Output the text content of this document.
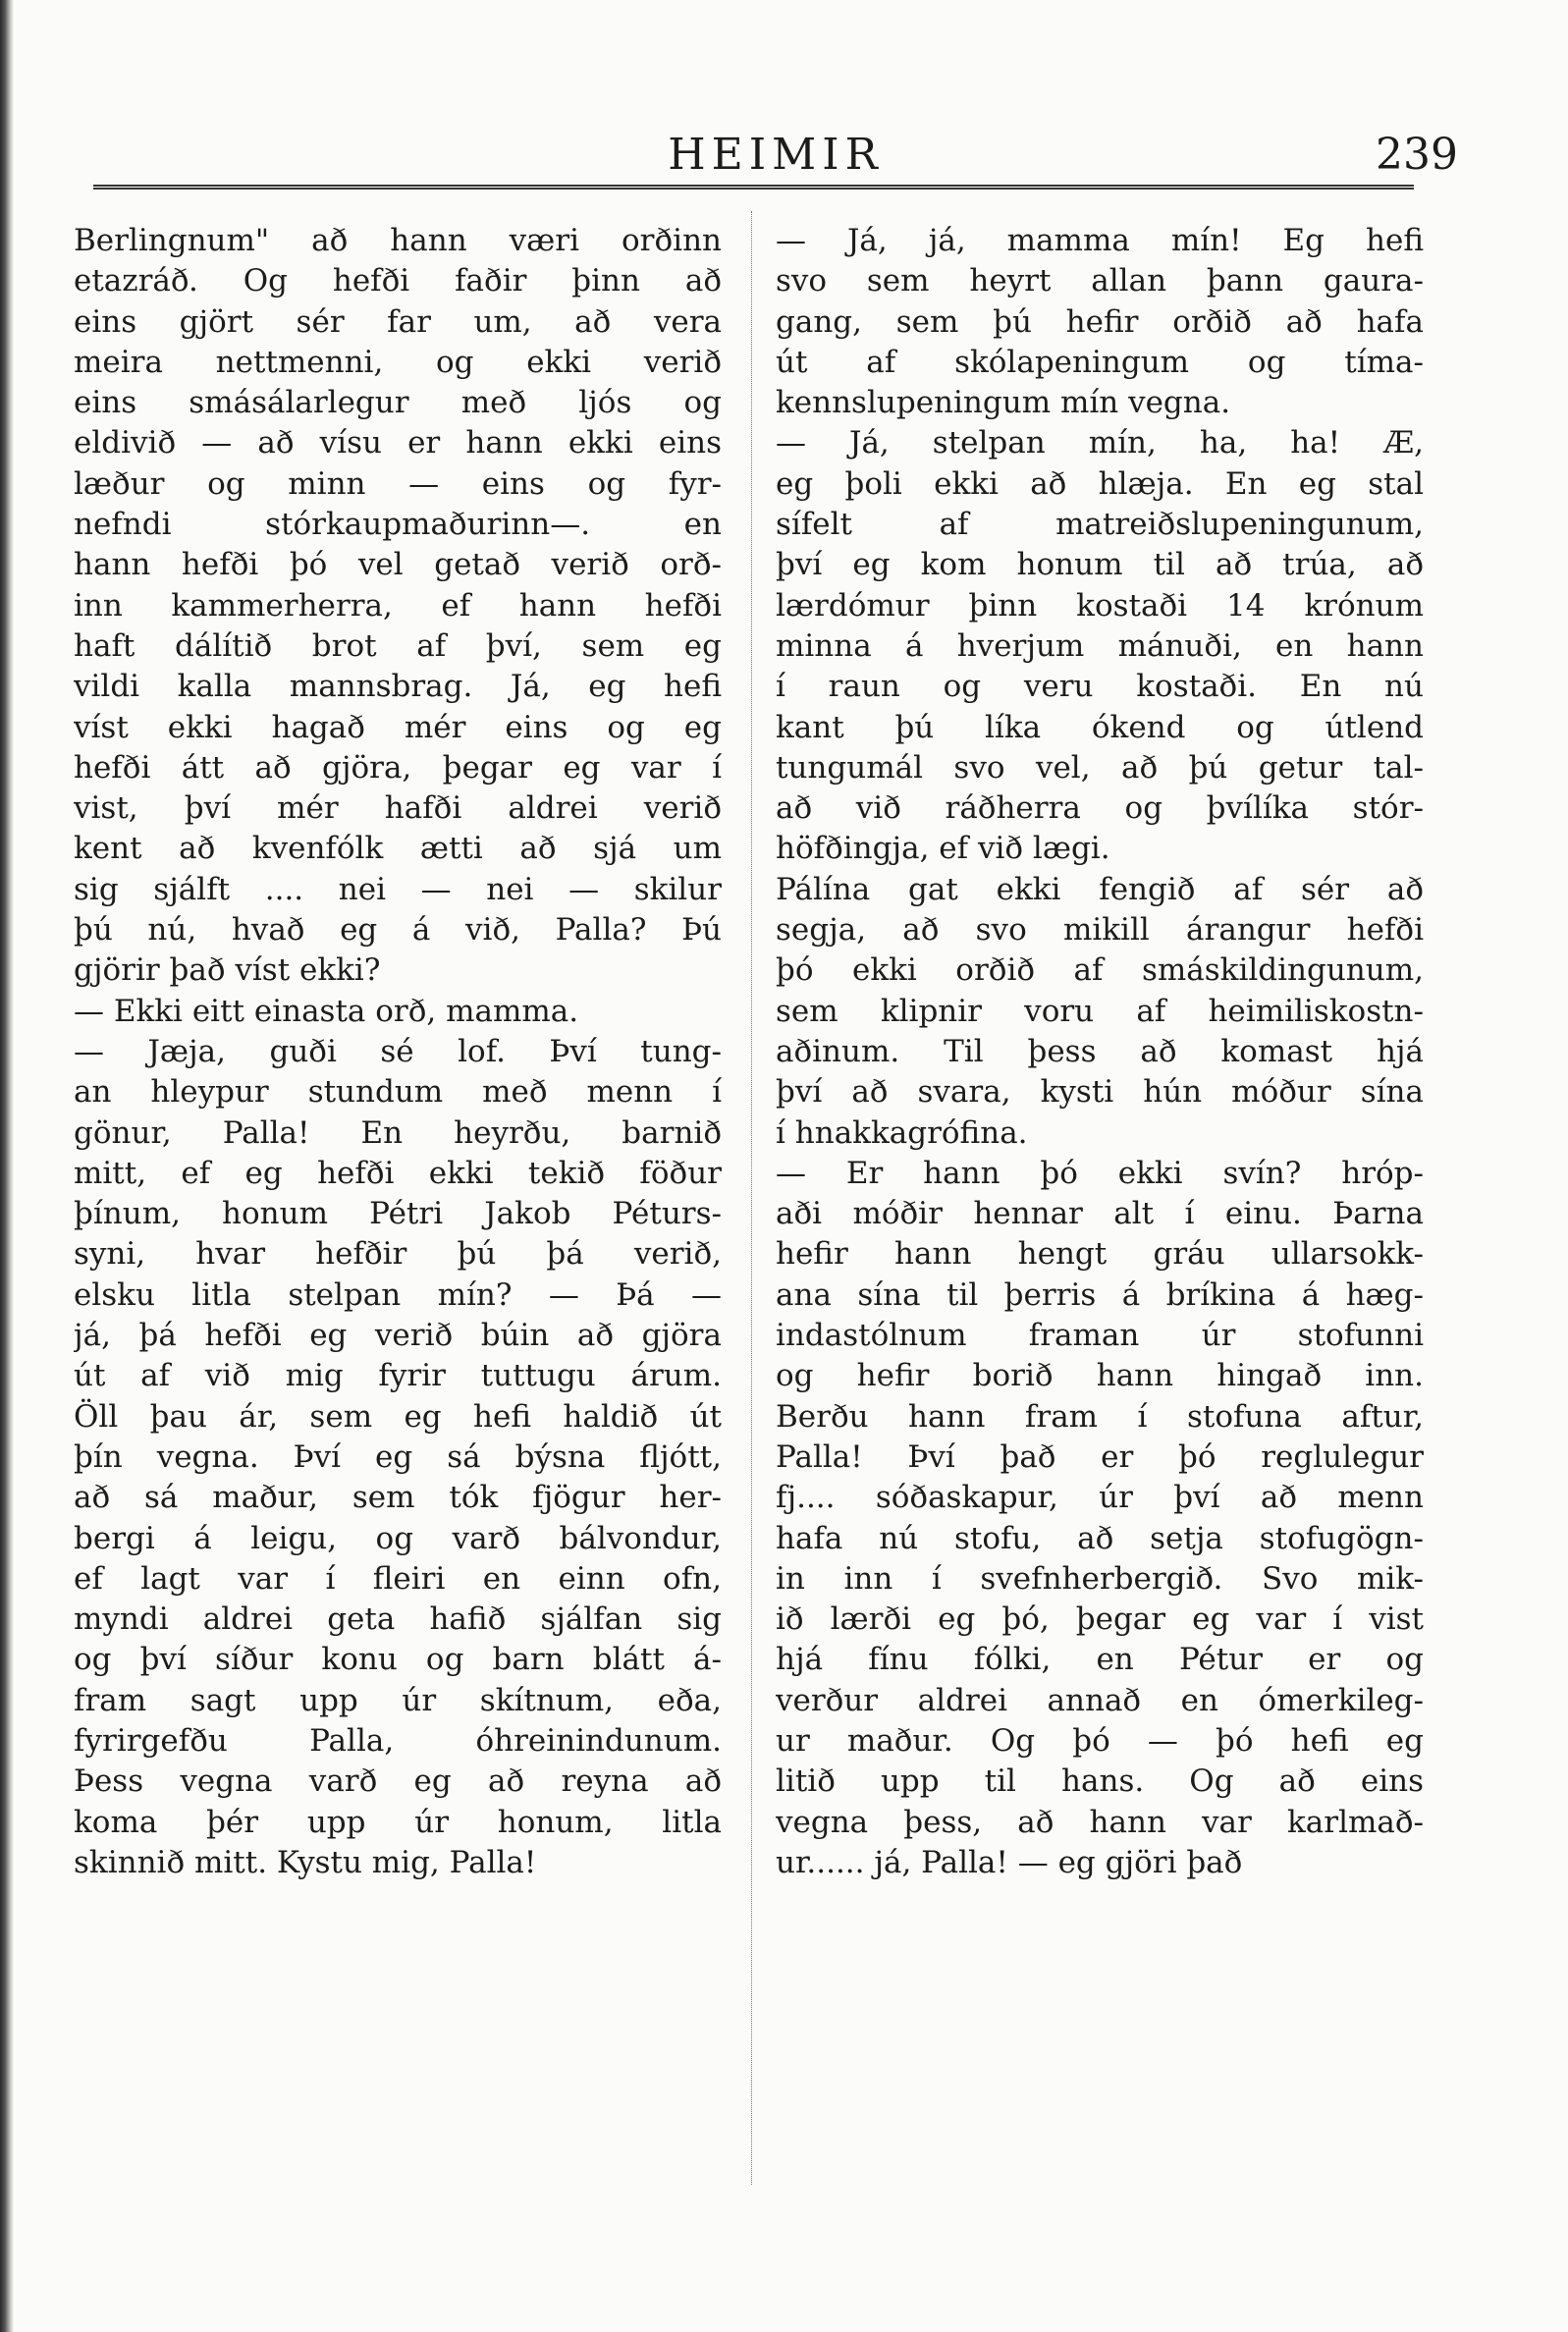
HEIMIR	239
Berlingnum" að hann væri orðinn
etazráð. Og hefði faðir þinn að
eins gjört sér far um, að vera
meira nettmenni, og ekki verið
eins smásálarlegur með ljós og
eldivið — að vísu er hann ekki eins
læður og minn — eins og fyr-
nefndi stórkaupmaðurinn—. en
hann hefði þó vel getað verið orð-
inn kammerherra, ef hann hefði
haft dálítið brot af því, sem eg
vildi kalla mannsbrag. Já, eg hefi
víst ekki hagað mér eins og eg
hefði átt að gjöra, þegar eg var í
vist, því mér hafði aldrei verið
kent að kvenfólk ætti að sjá um
sig sjálft .... nei — nei — skilur
þú nú, hvað eg á við, Palla? Þú
gjörir það víst ekki?
— Ekki eitt einasta orð, mamma.
— Jæja, guði sé lof. Því tung-
an hleypur stundum með menn í
gönur, Palla! En heyrðu, barnið
mitt, ef eg hefði ekki tekið föður
þínum, honum Pétri Jakob Péturs-
syni, hvar hefðir þú þá verið,
elsku litla stelpan mín? — Þá —
já, þá hefði eg verið búin að gjöra
út af við mig fyrir tuttugu árum.
Öll þau ár, sem eg hefi haldið út
þín vegna. Því eg sá býsna fljótt,
að sá maður, sem tók fjögur her-
bergi á leigu, og varð bálvondur,
ef lagt var í fleiri en einn ofn,
myndi aldrei geta hafið sjálfan sig
og því síður konu og barn blátt á-
fram sagt upp úr skítnum, eða,
fyrirgefðu Palla, óhreinindunum.
Þess vegna varð eg að reyna að
koma þér upp úr honum, litla
skinnið mitt. Kystu mig, Palla!
— Já, já, mamma mín! Eg hefi
svo sem heyrt allan þann gaura-
gang, sem þú hefir orðið að hafa
út af skólapeningum og tíma-
kennslupeningum mín vegna.
— Já, stelpan mín, ha, ha! Æ,
eg þoli ekki að hlæja. En eg stal
sífelt af matreiðslupeningunum,
því eg kom honum til að trúa, að
lærdómur þinn kostaði 14 krónum
minna á hverjum mánuði, en hann
í raun og veru kostaði. En nú
kant þú líka ókend og útlend
tungumál svo vel, að þú getur tal-
að við ráðherra og þvílíka stór-
höfðingja, ef við lægi.
Pálína gat ekki fengið af sér að
segja, að svo mikill árangur hefði
þó ekki orðið af smáskildingunum,
sem klipnir voru af heimiliskostn-
aðinum. Til þess að komast hjá
því að svara, kysti hún móður sína
í hnakkagrófina.
— Er hann þó ekki svín? hróp-
aði móðir hennar alt í einu. Þarna
hefir hann hengt gráu ullarsokk-
ana sína til þerris á bríkina á hæg-
indastólnum framan úr stofunni
og hefir borið hann hingað inn.
Berðu hann fram í stofuna aftur,
Palla! Því það er þó reglulegur
fj.... sóðaskapur, úr því að menn
hafa nú stofu, að setja stofugögn-
in inn í svefnherbergið. Svo mik-
ið lærði eg þó, þegar eg var í vist
hjá fínu fólki, en Pétur er og
verður aldrei annað en ómerkileg-
ur maður. Og þó — þó hefi eg
litið upp til hans. Og að eins
vegna þess, að hann var karlmað-
ur...... já, Palla! — eg gjöri það
